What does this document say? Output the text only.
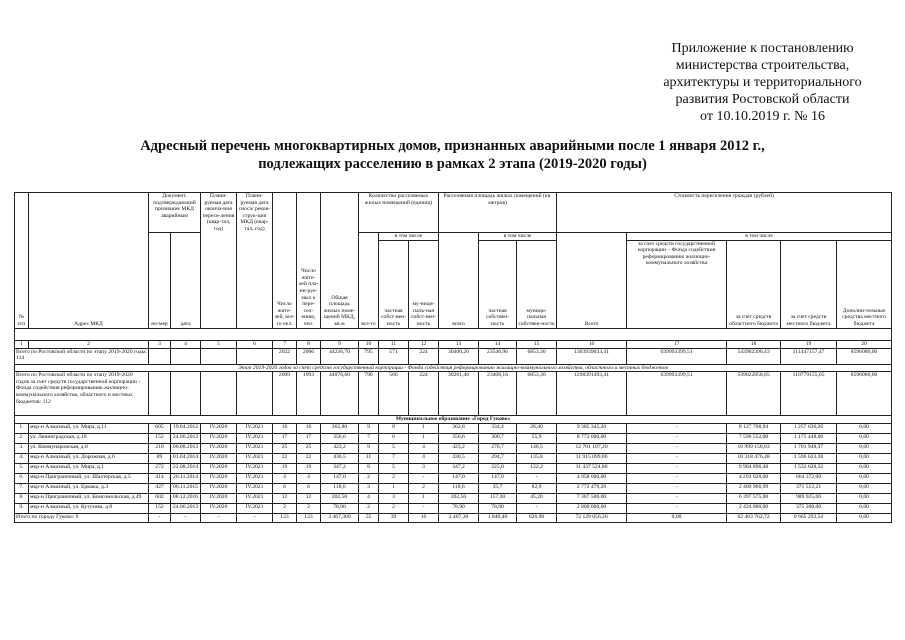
Приложение к постановлению
министерства строительства,
архитектуры и территориального
развития Ростовской области
от 10.10.2019 г. № 16
Адресный перечень многоквартирных домов, признанных аварийными после 1 января 2012 г.,
подлежащих расселению в рамках 2 этапа (2019-2020 годы)
№ п/п	Адрес МКД	Документ, подтверждающий признание МКД аварийным		Плани-руемая дата оконча-ния пересе-ления (квар-тал, год)	Плани-руемая дата сноса/ рекон-струк-ции МКД (квар-тал, год)	Число жите-лей, все-го чел.	Число жите-лей пла-ни-руе-мых к пере-сел-ению, чел.	Общая площадь жилых поме-щений МКД, кв.м	Количество расселяемых жилых помещений (единиц)			Расселяемая площадь жилых помещений (кв. метров)			Стоимость переселения граждан (рублей)				
		но-мер	дата						все-го	в том числе		всего	в том числе		Всего	в том числе			
										частная собст-вен-ность	му-ници-паль-ная собст-вен-ность		частная собствен-ность	муници-пальная собствен-ность		за счет средств государственной корпорации – Фонда содействия реформированию жилищно-коммунального хозяйства	за счет средств областного бюджета	за счет средств местного бюджета	Дополни-тельные средства местного бюджета

1	2	3	4	5	6	7	8	9	10	11	12	13	14	15	16	17	18	19	20
Всего по Ростовской области по этапу 2019-2020 годы: 114						2022	2006	44236,70	795	571	224	30400,26	23546,96	6853,30	1303939033,41	639993399,51	543902396,43	111447157,47	8596080,00
Этап 2019-2020 годов за счет средств государственной корпорации - Фонда содействия реформированию жилищно-коммунального хозяйства, областного и местных бюджетов																			
Всего по Ростовской области по этапу 2019-2020 годов за счет средств государственной корпорации - Фонда содействия реформированию жилищно-коммунального хозяйства, областного и местных бюджетов: 112						2009	1993	44076,60	790	566	224	30261,46	23408,16	6853,30	1298391493,41	639993399,51	539022858,85	110779155,05	8596080,00
Муниципальное образование «Город Гуково»																			
1.	мкр-н Алмазный, ул. Мира, д.11	605	19.04.2012	IV.2020	IV.2021	16	16	362,80	9	8	1	362,8	334,4	28,40	9 385 345,20	-	8 127 708,94	1 257 636,26	0,00
2.	ул. Ленинградская, д.10	152	24.06.2013	IV.2020	IV.2021	17	17	356,6	7	6	1	356,6	300,7	55,9	8 772 000,00	-	7 596 552,00	1 175 448,00	0,00
3.	ул. Коммунаровская, д.8	210	06.08.2013	IV.2020	IV.2021	25	25	423,2	9	5	4	423,2	276,7	146,5	12 701 107,20	-	10 999 158,83	1 701 948,37	0,00
4.	мкр-н Алмазный, ул. Дорожная, д.6	89	01.04.2014	IV.2020	IV.2021	22	22	430,5	11	7	4	430,5	294,7	135,8	11 915 099,86	-	10 318 476,48	1 596 623,38	0,00
5.	мкр-н Алмазный, ул. Мира, д.1	272	22.08.2014	IV.2020	IV.2021	19	19	347,2	8	5	3	347,2	225,0	122,2	11 437 524,80	-	9 904 896,48	1 532 628,32	0,00
6.	мкр-н Приграничный, ул. Шахтерская, д.5	414	26.11.2014	IV.2020	IV.2021	4	4	147,0	2	2	-	147,0	147,0	-	4 958 000,00	-	4 293 628,00	664 372,00	0,00
7.	мкр-н Алмазный, ул. Ермака, д.3	427	06.11.2015	IV.2020	IV.2021	6	6	118,6	3	1	2	118,6	35,7	82,9	2 772 479,20	-	2 400 966,99	371 512,21	0,00
8.	мкр-н Приграничный, ул. Комсомольская, д.49	602	08.12.2016	IV.2020	IV.2021	12	12	202,50	4	3	1	202,50	157,30	45,20	7 387 500,00	-	6 397 575,00	989 925,00	0,00
9.	мкр-н Алмазный, ул. Кутузова, д.8	152	24.06.2013	IV.2020	IV.2021	2	2	78,90	2	2	-	78,90	78,90	-	2 800 000,00	-	2 424 800,00	375 200,00	0,00
Итого по городу Гуково: 9		-	-	-	-	123	123	2 467,360	55	39	16	2 467,30	1 840,40	626,90	72 129 056,26	0,00	62 463 762,72	9 665 293,54	0,00
